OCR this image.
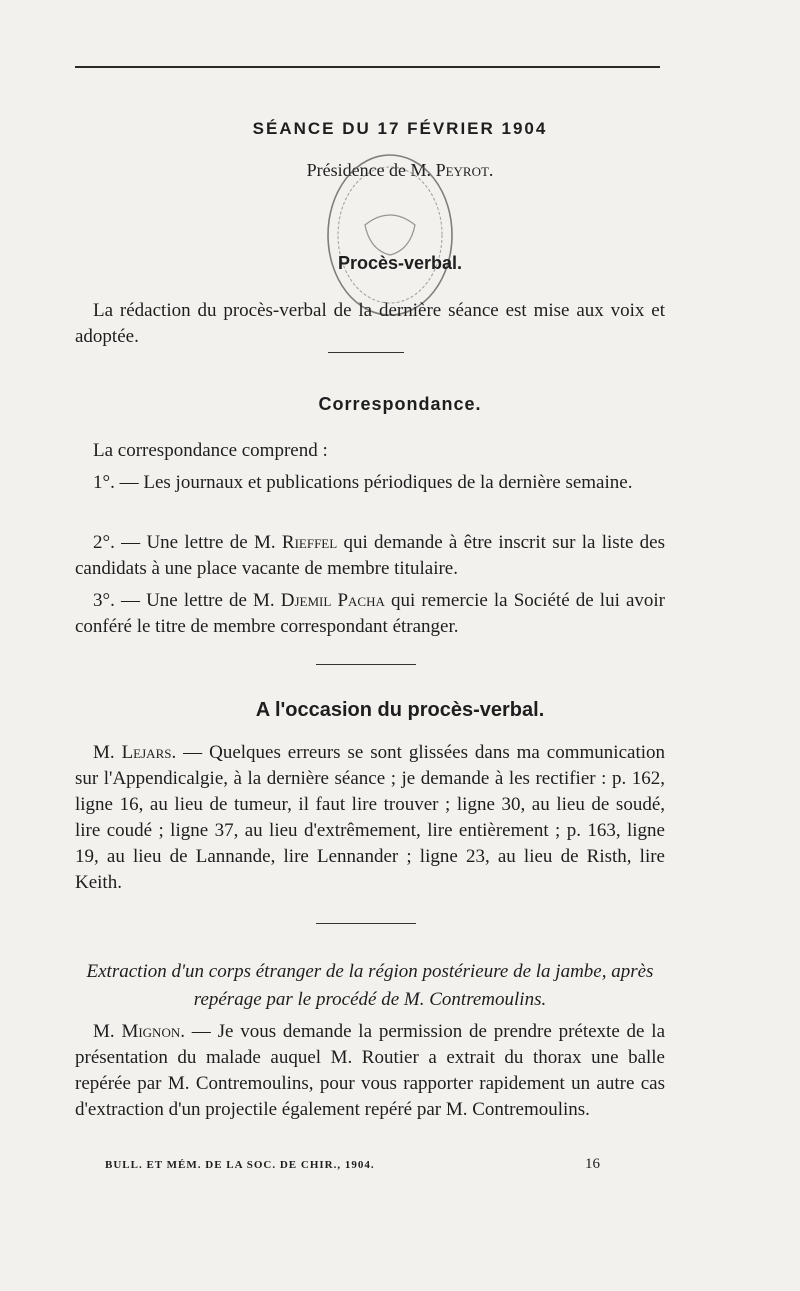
SÉANCE DU 17 FÉVRIER 1904
Présidence de M. Peyrot.
Procès-verbal.
La rédaction du procès-verbal de la dernière séance est mise aux voix et adoptée.
Correspondance.
La correspondance comprend :
1°. — Les journaux et publications périodiques de la dernière semaine.
2°. — Une lettre de M. Rieffel qui demande à être inscrit sur la liste des candidats à une place vacante de membre titulaire.
3°. — Une lettre de M. Djemil Pacha qui remercie la Société de lui avoir conféré le titre de membre correspondant étranger.
A l'occasion du procès-verbal.
M. Lejars. — Quelques erreurs se sont glissées dans ma communication sur l'Appendicalgie, à la dernière séance ; je demande à les rectifier : p. 162, ligne 16, au lieu de tumeur, il faut lire trouver ; ligne 30, au lieu de soudé, lire coudé ; ligne 37, au lieu d'extrêmement, lire entièrement ; p. 163, ligne 19, au lieu de Lannande, lire Lennander ; ligne 23, au lieu de Risth, lire Keith.
Extraction d'un corps étranger de la région postérieure de la jambe, après repérage par le procédé de M. Contremoulins.
M. Mignon. — Je vous demande la permission de prendre prétexte de la présentation du malade auquel M. Routier a extrait du thorax une balle repérée par M. Contremoulins, pour vous rapporter rapidement un autre cas d'extraction d'un projectile également repéré par M. Contremoulins.
BULL. ET MÉM. DE LA SOC. DE CHIR., 1904.	16
